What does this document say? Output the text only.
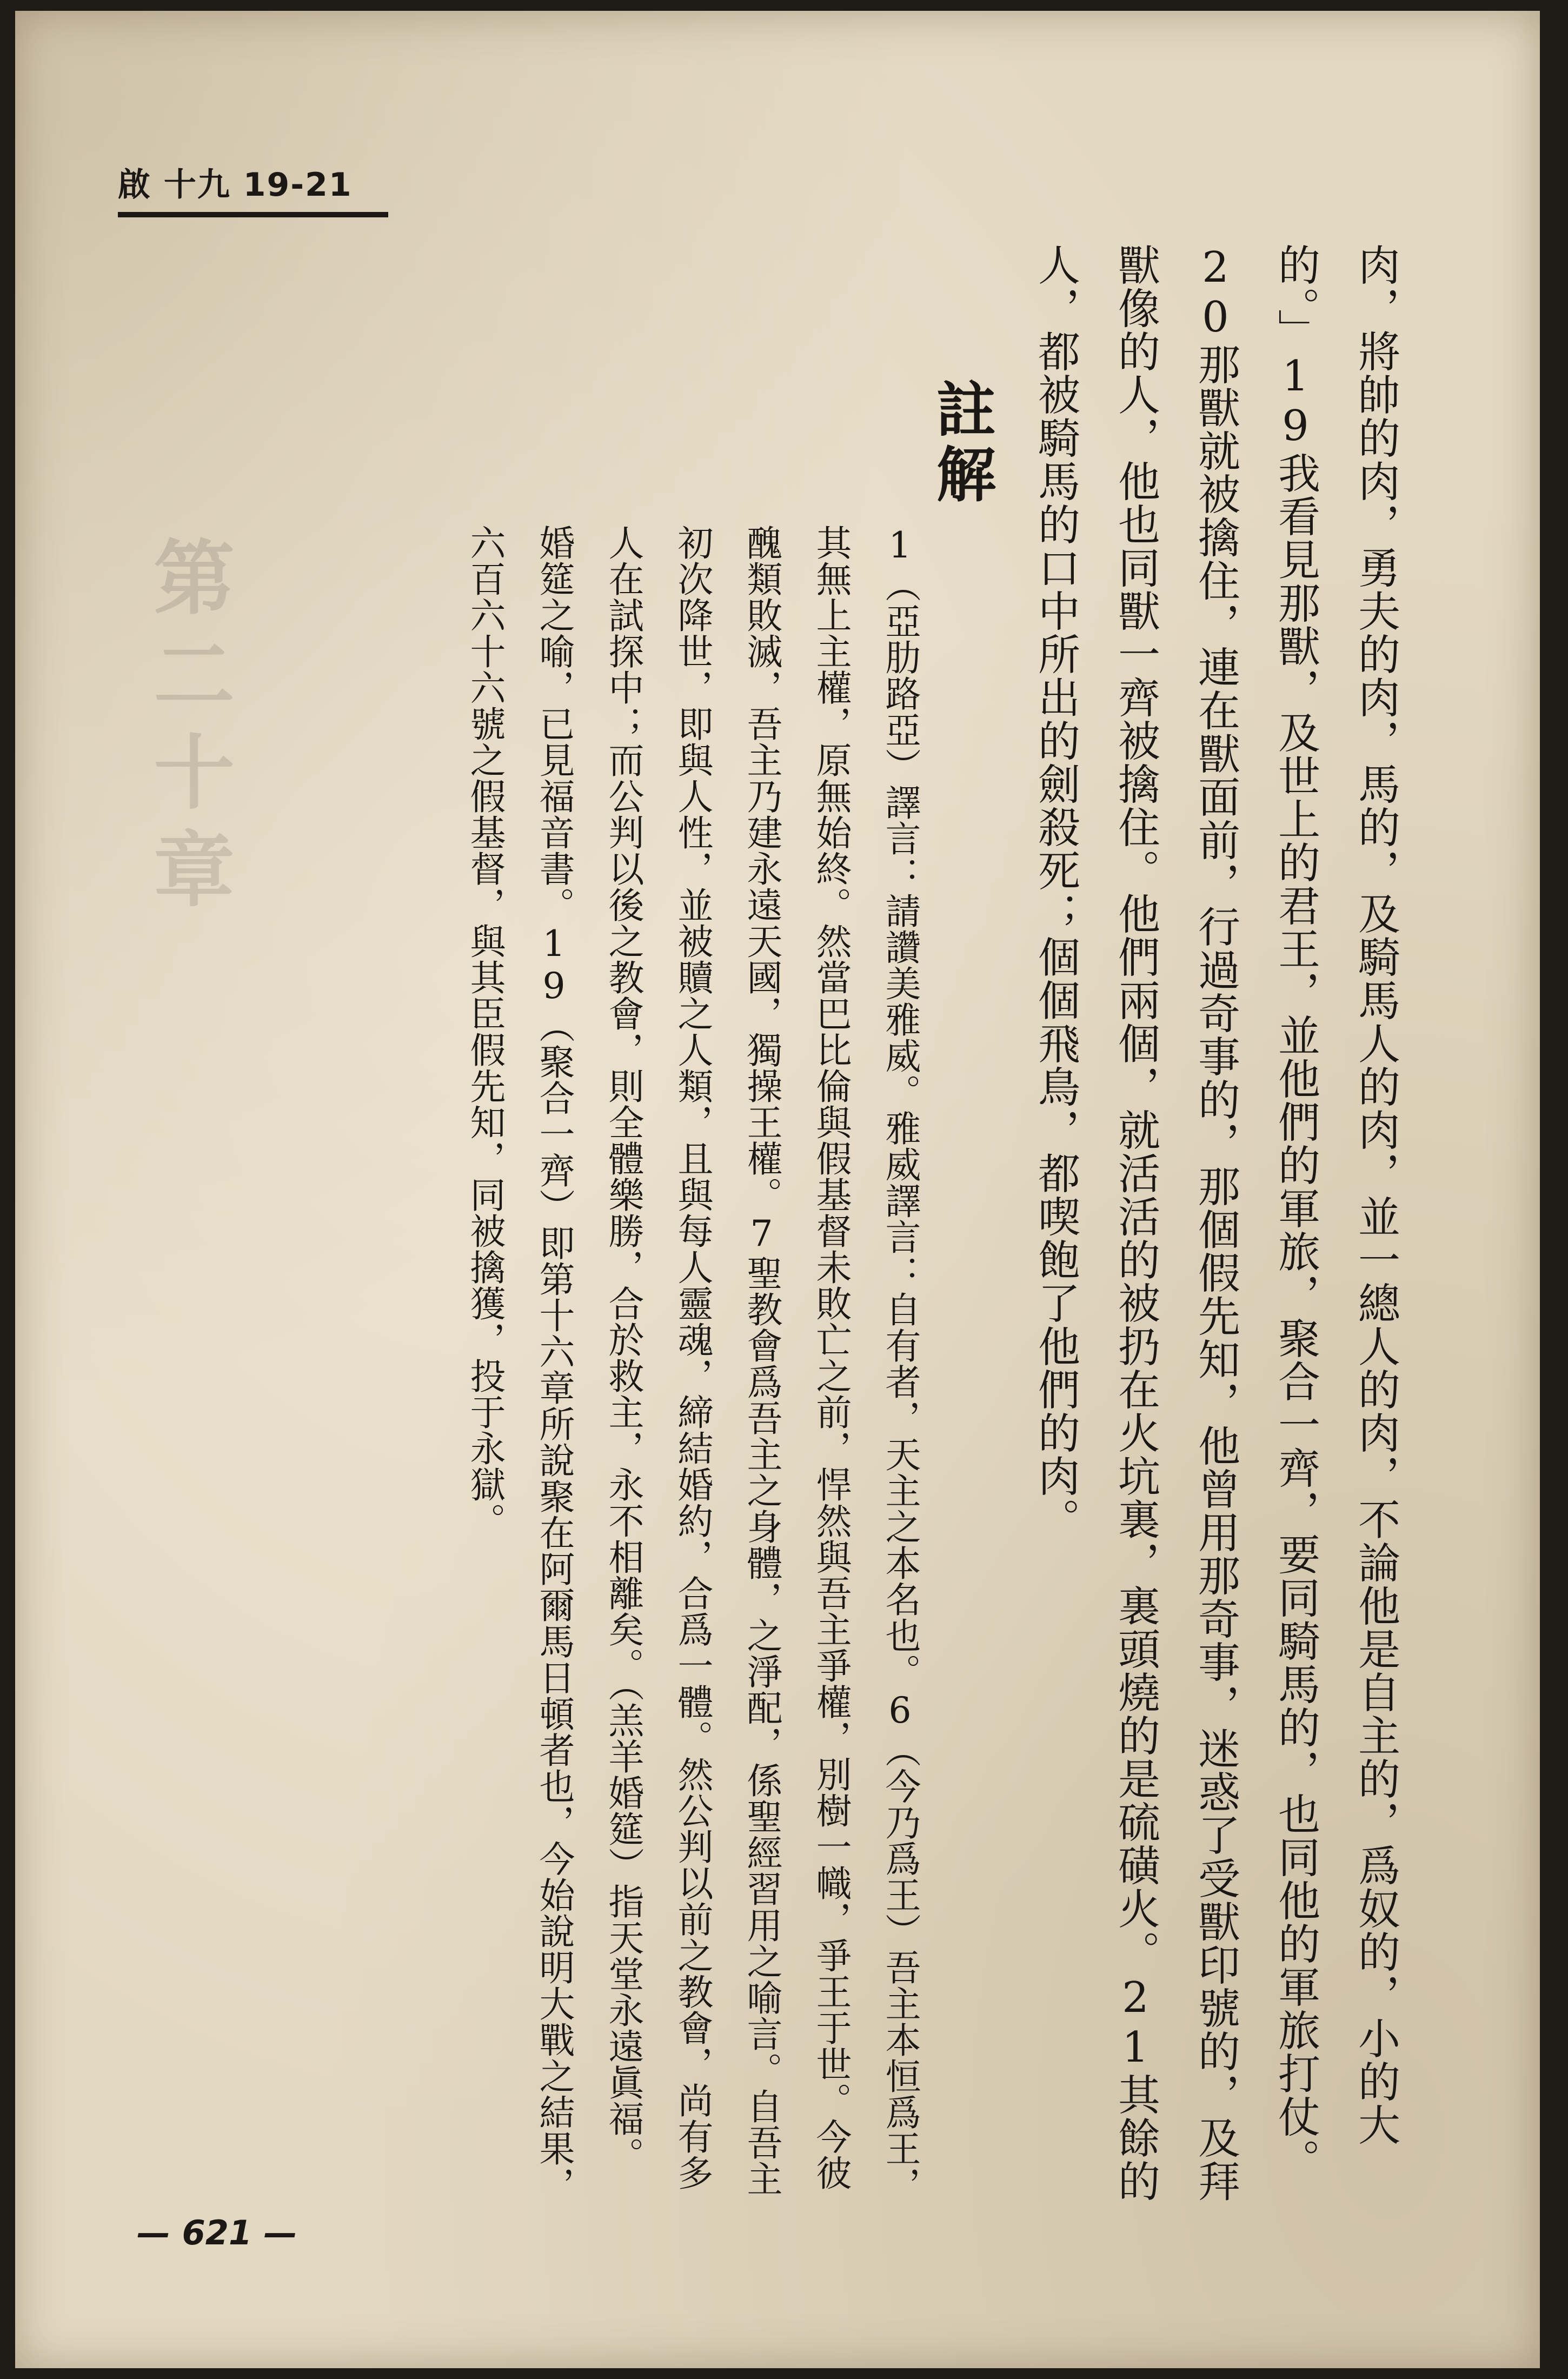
第二十章
啟 十九 19-21
肉，將帥的肉，勇夫的肉，馬的，及騎馬人的肉，並一總人的肉，不論他是自主的，爲奴的，小的大的。」19我看見那獸，及世上的君王，並他們的軍旅，聚合一齊，要同騎馬的，也同他的軍旅打仗。20那獸就被擒住，連在獸面前，行過奇事的，那個假先知，他曾用那奇事，迷惑了受獸印號的，及拜獸像的人，他也同獸一齊被擒住。他們兩個，就活活的被扔在火坑裏，裏頭燒的是硫磺火。21其餘的人，都被騎馬的口中所出的劍殺死；個個飛鳥，都喫飽了他們的肉。
註解
1（亞肋路亞）譯言：請讚美雅威。雅威譯言：自有者，天主之本名也。6（今乃爲王）吾主本恒爲王，其無上主權，原無始終。然當巴比倫與假基督未敗亡之前，悍然與吾主爭權，別樹一幟，爭王于世。今彼醜類敗滅，吾主乃建永遠天國，獨操王權。7聖教會爲吾主之身體，之淨配，係聖經習用之喻言。自吾主初次降世，即與人性，並被贖之人類，且與每人靈魂，締結婚約，合爲一體。然公判以前之教會，尚有多人在試探中；而公判以後之教會，則全體樂勝，合於救主，永不相離矣。（羔羊婚筵）指天堂永遠眞福。婚筵之喻，已見福音書。19（聚合一齊）即第十六章所說聚在阿爾馬日頓者也，今始說明大戰之結果，六百六十六號之假基督，與其臣假先知，同被擒獲，投于永獄。
— 621 —
